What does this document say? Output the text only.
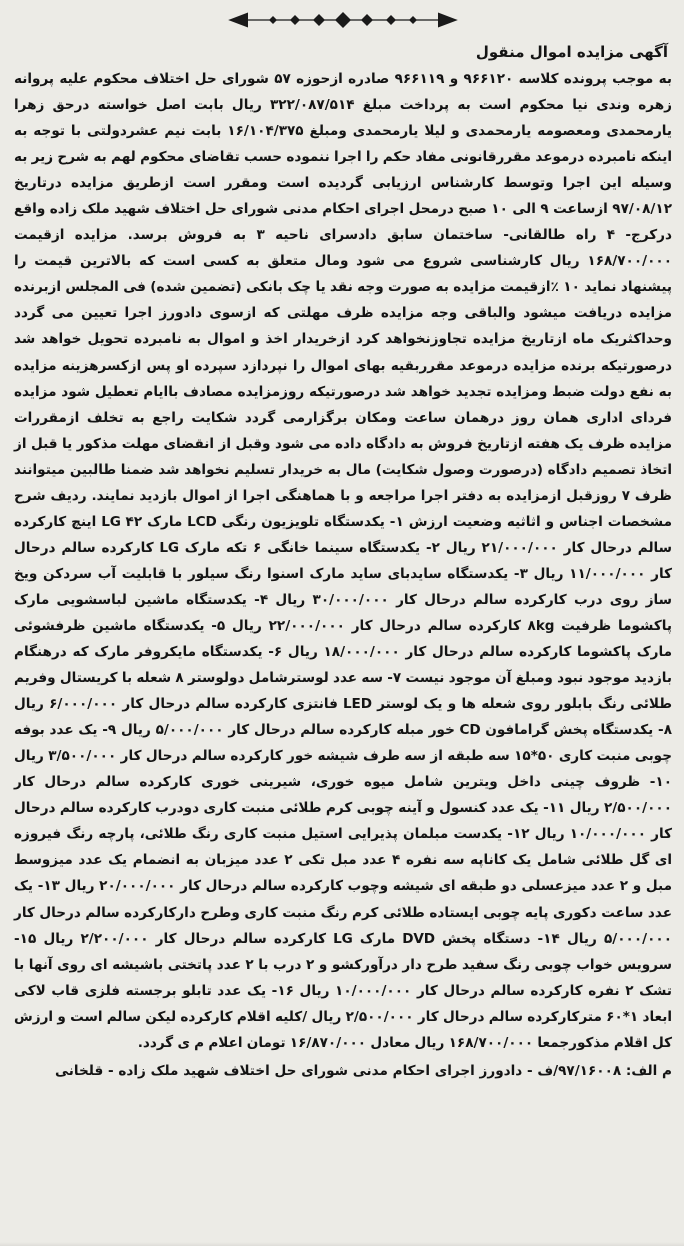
آگهی مزایده اموال منقول
به موجب پرونده کلاسه ۹۶۶۱۲۰ و ۹۶۶۱۱۹ صادره ازحوزه ۵۷ شورای حل اختلاف محکوم علیه پروانه زهره وندی نیا محکوم است به پرداخت مبلغ ۳۲۲/۰۸۷/۵۱۴ ریال بابت اصل خواسته درحق زهرا یارمحمدی ومعصومه یارمحمدی و لیلا یارمحمدی ومبلغ ۱۶/۱۰۴/۳۷۵ بابت نیم عشردولتی با توجه به اینکه نامبرده درموعد مقررقانونی مفاد حکم را اجرا ننموده حسب تقاضای محکوم لهم به شرح زیر به وسیله این اجرا وتوسط کارشناس ارزیابی گردیده است ومقرر است ازطریق مزایده درتاریخ ۹۷/۰۸/۱۲ ازساعت ۹ الی ۱۰ صبح درمحل اجرای احکام مدنی شورای حل اختلاف شهید ملک زاده واقع درکرج- ۴ راه طالقانی- ساختمان سابق دادسرای ناحیه ۳ به فروش برسد. مزایده ازقیمت ۱۶۸/۷۰۰/۰۰۰ ریال کارشناسی شروع می شود ومال متعلق به کسی است که بالاترین قیمت را پیشنهاد نماید ۱۰ ٪ازقیمت مزایده به صورت وجه نقد یا چک بانکی (تضمین شده) فی المجلس ازبرنده مزایده دریافت میشود والباقی وجه مزایده ظرف مهلتی که ازسوی دادورز اجرا تعیین می گردد وحداکثریک ماه ازتاریخ مزایده تجاوزنخواهد کرد ازخریدار اخذ و اموال به نامبرده تحویل خواهد شد درصورتیکه برنده مزایده درموعد مقرربقیه بهای اموال را نپردازد سپرده او پس ازکسرهزینه مزایده به نفع دولت ضبط ومزایده تجدید خواهد شد درصورتیکه روزمزایده مصادف باایام تعطیل شود مزایده فردای اداری همان روز درهمان ساعت ومکان برگزارمی گردد شکایت راجع به تخلف ازمقررات مزایده ظرف یک هفته ازتاریخ فروش به دادگاه داده می شود وقبل از انقضای مهلت مذکور یا قبل از اتخاذ تصمیم دادگاه (درصورت وصول شکایت) مال به خریدار تسلیم نخواهد شد ضمنا طالبین میتوانند ظرف ۷ روزقبل ازمزایده به دفتر اجرا مراجعه و با هماهنگی اجرا از اموال بازدید نمایند. ردیف شرح مشخصات اجناس و اثاثیه وضعیت ارزش ۱- یکدستگاه تلویزیون رنگی LCD مارک LG ۴۲ اینچ کارکرده سالم درحال کار ۲۱/۰۰۰/۰۰۰ ریال ۲- یکدستگاه سینما خانگی ۶ تکه مارک LG کارکرده سالم درحال کار ۱۱/۰۰۰/۰۰۰ ریال ۳- یکدستگاه سایدبای ساید مارک اسنوا رنگ سیلور با قابلیت آب سردکن ویخ ساز روی درب کارکرده سالم درحال کار ۳۰/۰۰۰/۰۰۰ ریال ۴- یکدستگاه ماشین لباسشویی مارک پاکشوما ظرفیت ۸kg کارکرده سالم درحال کار ۲۲/۰۰۰/۰۰۰ ریال ۵- یکدستگاه ماشین ظرفشوئی مارک پاکشوما کارکرده سالم درحال کار ۱۸/۰۰۰/۰۰۰ ریال ۶- یکدستگاه مایکروفر مارک که درهنگام بازدید موجود نبود ومبلغ آن موجود نیست ۷- سه عدد لوسترشامل دولوستر ۸ شعله با کریستال وفریم طلائی رنگ بابلور روی شعله ها و یک لوستر LED فانتزی کارکرده سالم درحال کار ۶/۰۰۰/۰۰۰ ریال ۸- یکدستگاه پخش گرامافون CD خور مبله کارکرده سالم درحال کار ۵/۰۰۰/۰۰۰ ریال ۹- یک عدد بوفه چوبی منبت کاری ۵۰*۱۵ سه طبقه از سه طرف شیشه خور کارکرده سالم درحال کار ۳/۵۰۰/۰۰۰ ریال ۱۰- ظروف چینی داخل ویترین شامل میوه خوری، شیرینی خوری کارکرده سالم درحال کار ۲/۵۰۰/۰۰۰ ریال ۱۱- یک عدد کنسول و آینه چوبی کرم طلائی منبت کاری دودرب کارکرده سالم درحال کار ۱۰/۰۰۰/۰۰۰ ریال ۱۲- یکدست مبلمان پذیرایی استیل منبت کاری رنگ طلائی، پارچه رنگ فیروزه ای گل طلائی شامل یک کاناپه سه نفره ۴ عدد مبل تکی ۲ عدد میزبان به انضمام یک عدد میزوسط مبل و ۲ عدد میزعسلی دو طبقه ای شیشه وچوب کارکرده سالم درحال کار ۲۰/۰۰۰/۰۰۰ ریال ۱۳- یک عدد ساعت دکوری پایه چوبی ایستاده طلائی کرم رنگ منبت کاری وطرح دارکارکرده سالم درحال کار ۵/۰۰۰/۰۰۰ ریال ۱۴- دستگاه پخش DVD مارک LG کارکرده سالم درحال کار ۲/۲۰۰/۰۰۰ ریال ۱۵- سرویس خواب چوبی رنگ سفید طرح دار درآورکشو و ۲ درب با ۲ عدد پاتختی باشیشه ای روی آنها با تشک ۲ نفره کارکرده سالم درحال کار ۱۰/۰۰۰/۰۰۰ ریال ۱۶- یک عدد تابلو برجسته فلزی قاب لاکی ابعاد ۱*۶۰ مترکارکرده سالم درحال کار ۲/۵۰۰/۰۰۰ ریال /کلیه اقلام کارکرده لیکن سالم است و ارزش کل اقلام مذکورجمعا ۱۶۸/۷۰۰/۰۰۰ ریال معادل ۱۶/۸۷۰/۰۰۰ تومان اعلام م ی گردد.
م الف: ۹۷/۱۶۰۰۸/ف - دادورز اجرای احکام مدنی شورای حل اختلاف شهید ملک زاده - قلخانی
